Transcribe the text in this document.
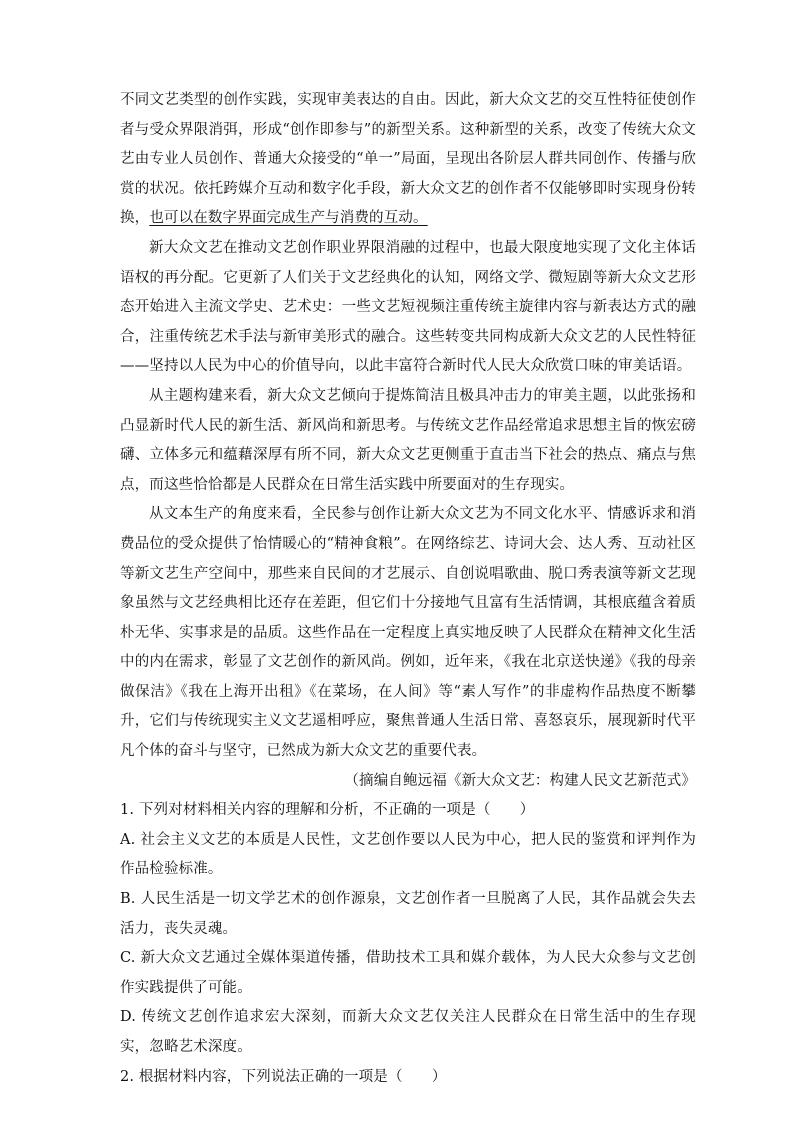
不同文艺类型的创作实践，实现审美表达的自由。因此，新大众文艺的交互性特征使创作者与受众界限消弭，形成“创作即参与”的新型关系。这种新型的关系，改变了传统大众文艺由专业人员创作、普通大众接受的“单一”局面，呈现出各阶层人群共同创作、传播与欣赏的状况。依托跨媒介互动和数字化手段，新大众文艺的创作者不仅能够即时实现身份转换，也可以在数字界面完成生产与消费的互动。

新大众文艺在推动文艺创作职业界限消融的过程中，也最大限度地实现了文化主体话语权的再分配。它更新了人们关于文艺经典化的认知，网络文学、微短剧等新大众文艺形态开始进入主流文学史、艺术史：一些文艺短视频注重传统主旋律内容与新表达方式的融合，注重传统艺术手法与新审美形式的融合。这些转变共同构成新大众文艺的人民性特征——坚持以人民为中心的价值导向，以此丰富符合新时代人民大众欣赏口味的审美话语。

从主题构建来看，新大众文艺倾向于提炼简洁且极具冲击力的审美主题，以此张扬和凸显新时代人民的新生活、新风尚和新思考。与传统文艺作品经常追求思想主旨的恢宏磅礴、立体多元和蕴藉深厚有所不同，新大众文艺更侧重于直击当下社会的热点、痛点与焦点，而这些恰恰都是人民群众在日常生活实践中所要面对的生存现实。

从文本生产的角度来看，全民参与创作让新大众文艺为不同文化水平、情感诉求和消费品位的受众提供了怡情暖心的“精神食粮”。在网络综艺、诗词大会、达人秀、互动社区等新文艺生产空间中，那些来自民间的才艺展示、自创说唱歌曲、脱口秀表演等新文艺现象虽然与文艺经典相比还存在差距，但它们十分接地气且富有生活情调，其根底蕴含着质朴无华、实事求是的品质。这些作品在一定程度上真实地反映了人民群众在精神文化生活中的内在需求，彰显了文艺创作的新风尚。例如，近年来，《我在北京送快递》《我的母亲做保洁》《我在上海开出租》《在菜场，在人间》等“素人写作”的非虚构作品热度不断攀升，它们与传统现实主义文艺遥相呼应，聚焦普通人生活日常、喜怒哀乐，展现新时代平凡个体的奋斗与坚守，已然成为新大众文艺的重要代表。

（摘编自鲍远福《新大众文艺：构建人民文艺新范式》

1. 下列对材料相关内容的理解和分析，不正确的一项是（　　）

A. 社会主义文艺的本质是人民性，文艺创作要以人民为中心，把人民的鉴赏和评判作为作品检验标准。

B. 人民生活是一切文学艺术的创作源泉，文艺创作者一旦脱离了人民，其作品就会失去活力，丧失灵魂。

C. 新大众文艺通过全媒体渠道传播，借助技术工具和媒介载体，为人民大众参与文艺创作实践提供了可能。

D. 传统文艺创作追求宏大深刻，而新大众文艺仅关注人民群众在日常生活中的生存现实，忽略艺术深度。

2. 根据材料内容，下列说法正确的一项是（　　）
